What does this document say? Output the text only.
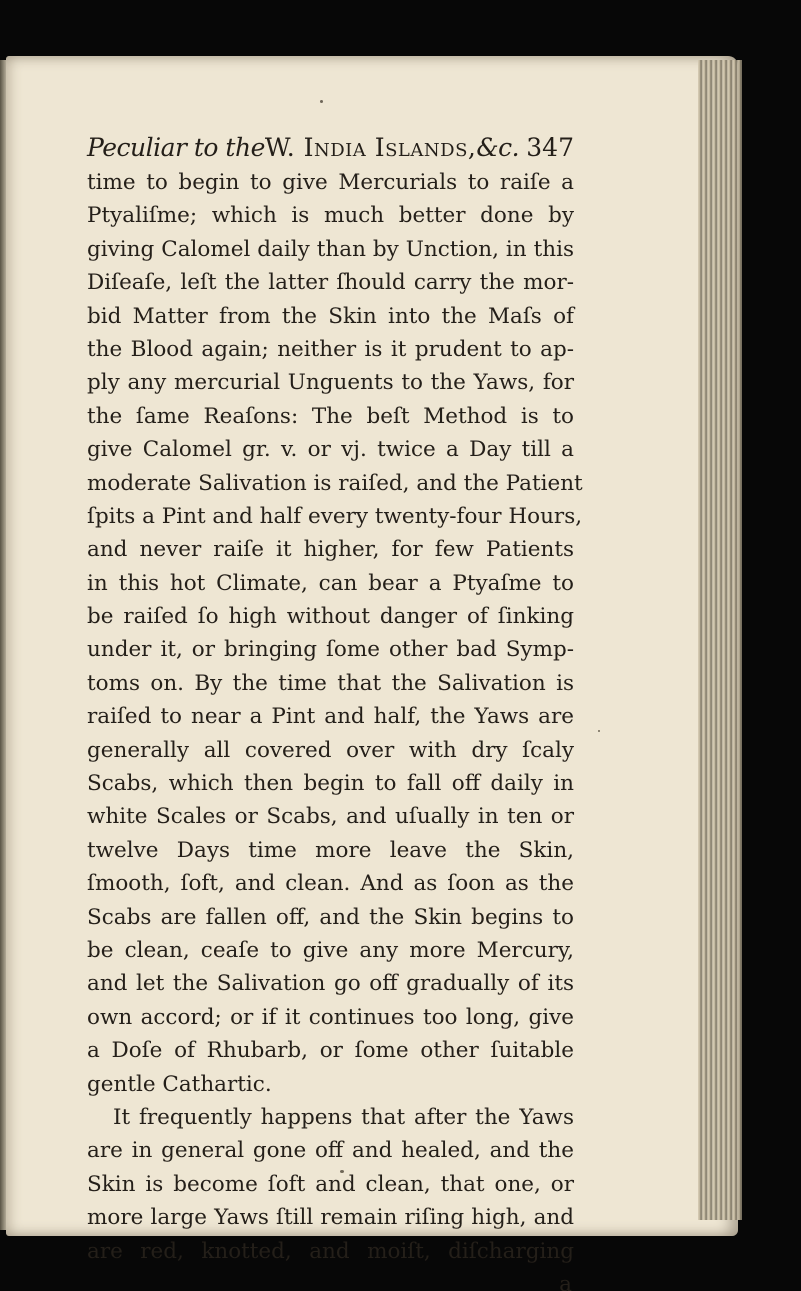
Peculiar to theW. India Islands,&c. 347
time to begin to give Mercurials to raiſe a
Ptyaliſme; which is much better done by
giving Calomel daily than by Unction, in this
Diſeaſe, leſt the latter ſhould carry the mor-
bid Matter from the Skin into the Maſs of
the Blood again; neither is it prudent to ap-
ply any mercurial Unguents to the Yaws, for
the ſame Reaſons: The beſt Method is to
give Calomel gr. v. or vj. twice a Day till a
moderate Salivation is raiſed, and the Patient
ſpits a Pint and half every twenty-four Hours,
and never raiſe it higher, for few Patients
in this hot Climate, can bear a Ptyaſme to
be raiſed ſo high without danger of ſinking
under it, or bringing ſome other bad Symp-
toms on. By the time that the Salivation is
raiſed to near a Pint and half, the Yaws are
generally all covered over with dry ſcaly
Scabs, which then begin to fall off daily in
white Scales or Scabs, and uſually in ten or
twelve Days time more leave the Skin,
ſmooth, ſoft, and clean. And as ſoon as the
Scabs are fallen off, and the Skin begins to
be clean, ceaſe to give any more Mercury,
and let the Salivation go off gradually of its
own accord; or if it continues too long, give
a Doſe of Rhubarb, or ſome other ſuitable
gentle Cathartic.
It frequently happens that after the Yaws
are in general gone off and healed, and the
Skin is become ſoft and clean, that one, or
more large Yaws ſtill remain riſing high, and
are red, knotted, and moiſt, diſcharging
a
